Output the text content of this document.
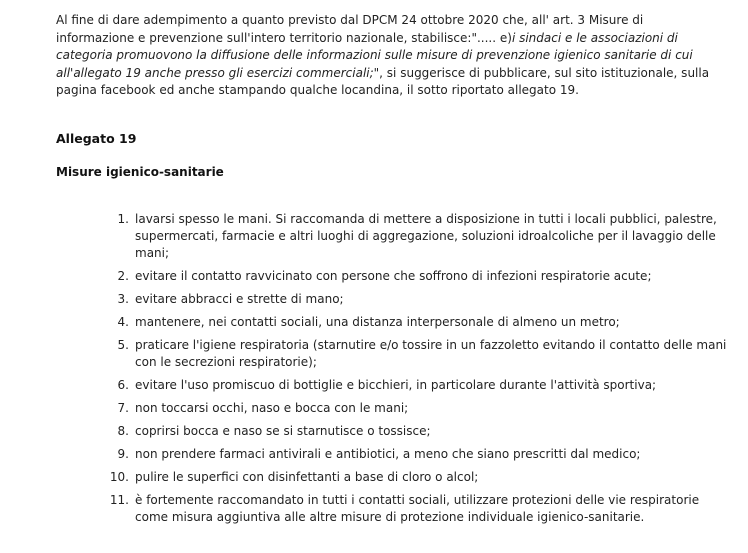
Al fine di dare adempimento a quanto previsto dal DPCM 24 ottobre 2020 che, all' art. 3 Misure di informazione e prevenzione sull'intero territorio nazionale, stabilisce:"..... e)i sindaci e le associazioni di categoria promuovono la diffusione delle informazioni sulle misure di prevenzione igienico sanitarie di cui all'allegato 19 anche presso gli esercizi commerciali;", si suggerisce di pubblicare, sul sito istituzionale, sulla pagina facebook ed anche stampando qualche locandina, il sotto riportato allegato 19.

Allegato 19
Misure igienico-sanitarie
1. lavarsi spesso le mani. Si raccomanda di mettere a disposizione in tutti i locali pubblici, palestre, supermercati, farmacie e altri luoghi di aggregazione, soluzioni idroalcoliche per il lavaggio delle mani;
2. evitare il contatto ravvicinato con persone che soffrono di infezioni respiratorie acute;
3. evitare abbracci e strette di mano;
4. mantenere, nei contatti sociali, una distanza interpersonale di almeno un metro;
5. praticare l'igiene respiratoria (starnutire e/o tossire in un fazzoletto evitando il contatto delle mani con le secrezioni respiratorie);
6. evitare l'uso promiscuo di bottiglie e bicchieri, in particolare durante l'attività sportiva;
7. non toccarsi occhi, naso e bocca con le mani;
8. coprirsi bocca e naso se si starnutisce o tossisce;
9. non prendere farmaci antivirali e antibiotici, a meno che siano prescritti dal medico;
10. pulire le superfici con disinfettanti a base di cloro o alcol;
11. è fortemente raccomandato in tutti i contatti sociali, utilizzare protezioni delle vie respiratorie come misura aggiuntiva alle altre misure di protezione individuale igienico-sanitarie.
